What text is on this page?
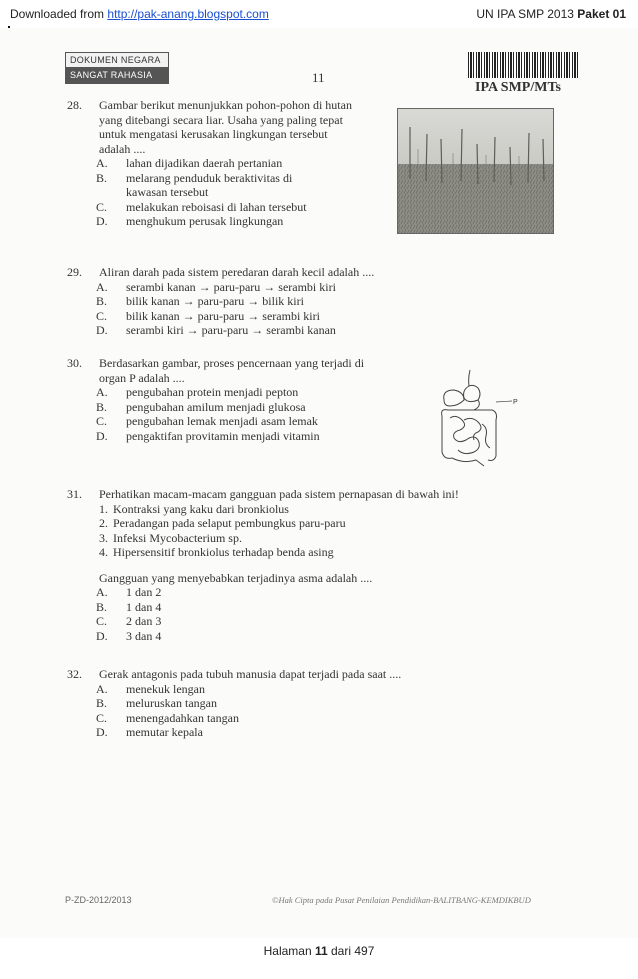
Downloaded from http://pak-anang.blogspot.com	UN IPA SMP 2013 Paket 01
DOKUMEN NEGARA
SANGAT RAHASIA	11
IPA SMP/MTs
28. Gambar berikut menunjukkan pohon-pohon di hutan
yang ditebangi secara liar. Usaha yang paling tepat
untuk mengatasi kerusakan lingkungan tersebut
adalah ....
A. lahan dijadikan daerah pertanian
B. melarang penduduk beraktivitas di
kawasan tersebut
C. melakukan reboisasi di lahan tersebut
D. menghukum perusak lingkungan
29. Aliran darah pada sistem peredaran darah kecil adalah ....
A. serambi kanan → paru-paru → serambi kiri
B. bilik kanan → paru-paru → bilik kiri
C. bilik kanan → paru-paru → serambi kiri
D. serambi kiri → paru-paru → serambi kanan
30. Berdasarkan gambar, proses pencernaan yang terjadi di
organ P adalah ....
A. pengubahan protein menjadi pepton
B. pengubahan amilum menjadi glukosa
C. pengubahan lemak menjadi asam lemak
D. pengaktifan provitamin menjadi vitamin
P
31. Perhatikan macam-macam gangguan pada sistem pernapasan di bawah ini!
1. Kontraksi yang kaku dari bronkiolus
2. Peradangan pada selaput pembungkus paru-paru
3. Infeksi Mycobacterium sp.
4. Hipersensitif bronkiolus terhadap benda asing
Gangguan yang menyebabkan terjadinya asma adalah ....
A. 1 dan 2
B. 1 dan 4
C. 2 dan 3
D. 3 dan 4
32. Gerak antagonis pada tubuh manusia dapat terjadi pada saat ....
A. menekuk lengan
B. meluruskan tangan
C. menengadahkan tangan
D. memutar kepala
P-ZD-2012/2013	©Hak Cipta pada Pusat Penilaian Pendidikan-BALITBANG-KEMDIKBUD
Halaman 11 dari 497
